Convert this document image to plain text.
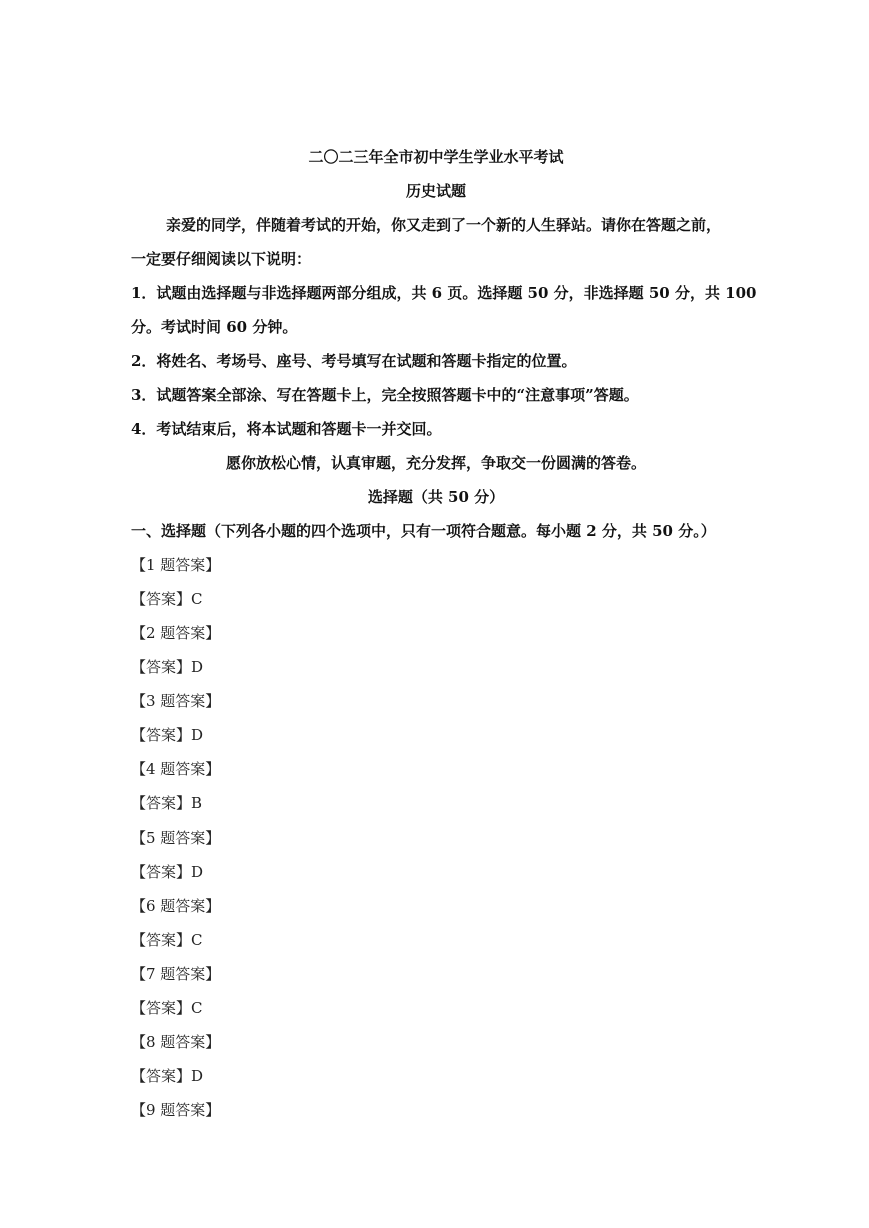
二〇二三年全市初中学生学业水平考试
历史试题
亲爱的同学，伴随着考试的开始，你又走到了一个新的人生驿站。请你在答题之前，
一定要仔细阅读以下说明：
1．试题由选择题与非选择题两部分组成，共 6 页。选择题 50 分，非选择题 50 分，共 100
分。考试时间 60 分钟。
2．将姓名、考场号、座号、考号填写在试题和答题卡指定的位置。
3．试题答案全部涂、写在答题卡上，完全按照答题卡中的“注意事项”答题。
4．考试结束后，将本试题和答题卡一并交回。
愿你放松心情，认真审题，充分发挥，争取交一份圆满的答卷。
选择题（共 50 分）
一、选择题（下列各小题的四个选项中，只有一项符合题意。每小题 2 分，共 50 分。）
【1 题答案】
【答案】C
【2 题答案】
【答案】D
【3 题答案】
【答案】D
【4 题答案】
【答案】B
【5 题答案】
【答案】D
【6 题答案】
【答案】C
【7 题答案】
【答案】C
【8 题答案】
【答案】D
【9 题答案】
